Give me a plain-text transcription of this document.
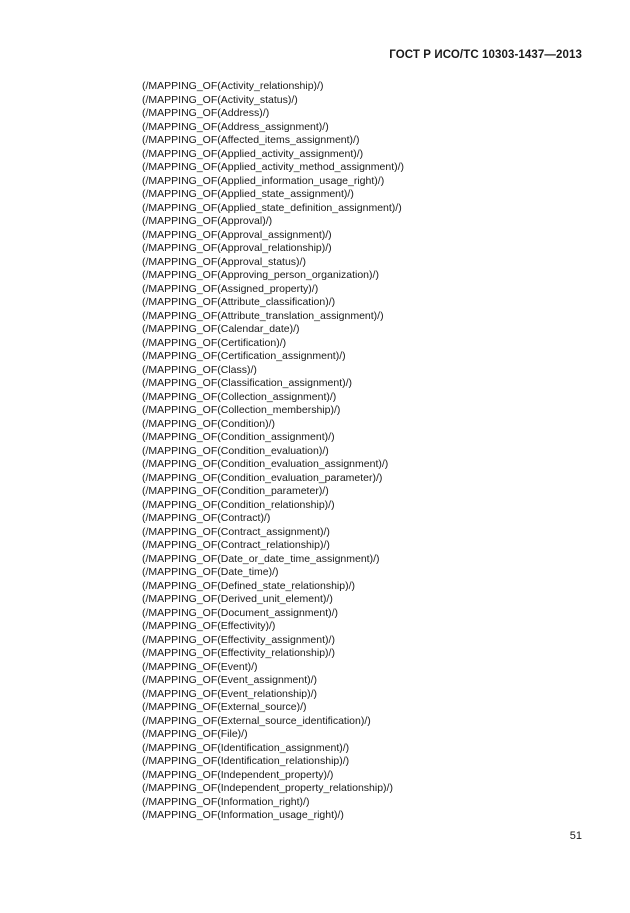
ГОСТ Р ИСО/ТС 10303-1437—2013
(/MAPPING_OF(Activity_relationship)/)
(/MAPPING_OF(Activity_status)/)
(/MAPPING_OF(Address)/)
(/MAPPING_OF(Address_assignment)/)
(/MAPPING_OF(Affected_items_assignment)/)
(/MAPPING_OF(Applied_activity_assignment)/)
(/MAPPING_OF(Applied_activity_method_assignment)/)
(/MAPPING_OF(Applied_information_usage_right)/)
(/MAPPING_OF(Applied_state_assignment)/)
(/MAPPING_OF(Applied_state_definition_assignment)/)
(/MAPPING_OF(Approval)/)
(/MAPPING_OF(Approval_assignment)/)
(/MAPPING_OF(Approval_relationship)/)
(/MAPPING_OF(Approval_status)/)
(/MAPPING_OF(Approving_person_organization)/)
(/MAPPING_OF(Assigned_property)/)
(/MAPPING_OF(Attribute_classification)/)
(/MAPPING_OF(Attribute_translation_assignment)/)
(/MAPPING_OF(Calendar_date)/)
(/MAPPING_OF(Certification)/)
(/MAPPING_OF(Certification_assignment)/)
(/MAPPING_OF(Class)/)
(/MAPPING_OF(Classification_assignment)/)
(/MAPPING_OF(Collection_assignment)/)
(/MAPPING_OF(Collection_membership)/)
(/MAPPING_OF(Condition)/)
(/MAPPING_OF(Condition_assignment)/)
(/MAPPING_OF(Condition_evaluation)/)
(/MAPPING_OF(Condition_evaluation_assignment)/)
(/MAPPING_OF(Condition_evaluation_parameter)/)
(/MAPPING_OF(Condition_parameter)/)
(/MAPPING_OF(Condition_relationship)/)
(/MAPPING_OF(Contract)/)
(/MAPPING_OF(Contract_assignment)/)
(/MAPPING_OF(Contract_relationship)/)
(/MAPPING_OF(Date_or_date_time_assignment)/)
(/MAPPING_OF(Date_time)/)
(/MAPPING_OF(Defined_state_relationship)/)
(/MAPPING_OF(Derived_unit_element)/)
(/MAPPING_OF(Document_assignment)/)
(/MAPPING_OF(Effectivity)/)
(/MAPPING_OF(Effectivity_assignment)/)
(/MAPPING_OF(Effectivity_relationship)/)
(/MAPPING_OF(Event)/)
(/MAPPING_OF(Event_assignment)/)
(/MAPPING_OF(Event_relationship)/)
(/MAPPING_OF(External_source)/)
(/MAPPING_OF(External_source_identification)/)
(/MAPPING_OF(File)/)
(/MAPPING_OF(Identification_assignment)/)
(/MAPPING_OF(Identification_relationship)/)
(/MAPPING_OF(Independent_property)/)
(/MAPPING_OF(Independent_property_relationship)/)
(/MAPPING_OF(Information_right)/)
(/MAPPING_OF(Information_usage_right)/)
51
